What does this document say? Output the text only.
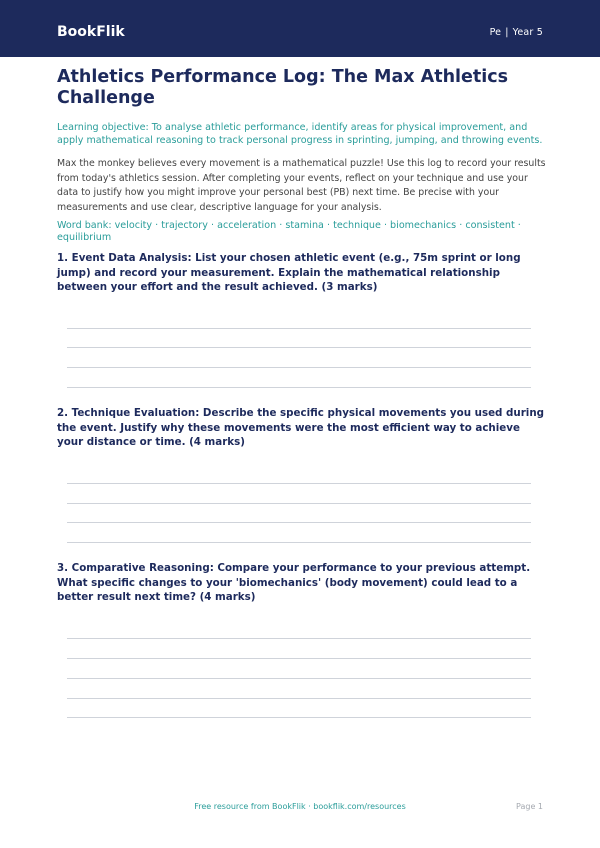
BookFlik	Pe | Year 5
Athletics Performance Log: The Max Athletics Challenge

Learning objective: To analyse athletic performance, identify areas for physical improvement, and apply mathematical reasoning to track personal progress in sprinting, jumping, and throwing events.

Max the monkey believes every movement is a mathematical puzzle! Use this log to record your results from today's athletics session. After completing your events, reflect on your technique and use your data to justify how you might improve your personal best (PB) next time. Be precise with your measurements and use clear, descriptive language for your analysis.

Word bank: velocity · trajectory · acceleration · stamina · technique · biomechanics · consistent · equilibrium

1. Event Data Analysis: List your chosen athletic event (e.g., 75m sprint or long jump) and record your measurement. Explain the mathematical relationship between your effort and the result achieved. (3 marks)

2. Technique Evaluation: Describe the specific physical movements you used during the event. Justify why these movements were the most efficient way to achieve your distance or time. (4 marks)

3. Comparative Reasoning: Compare your performance to your previous attempt. What specific changes to your 'biomechanics' (body movement) could lead to a better result next time? (4 marks)

Free resource from BookFlik · bookflik.com/resources	Page 1
